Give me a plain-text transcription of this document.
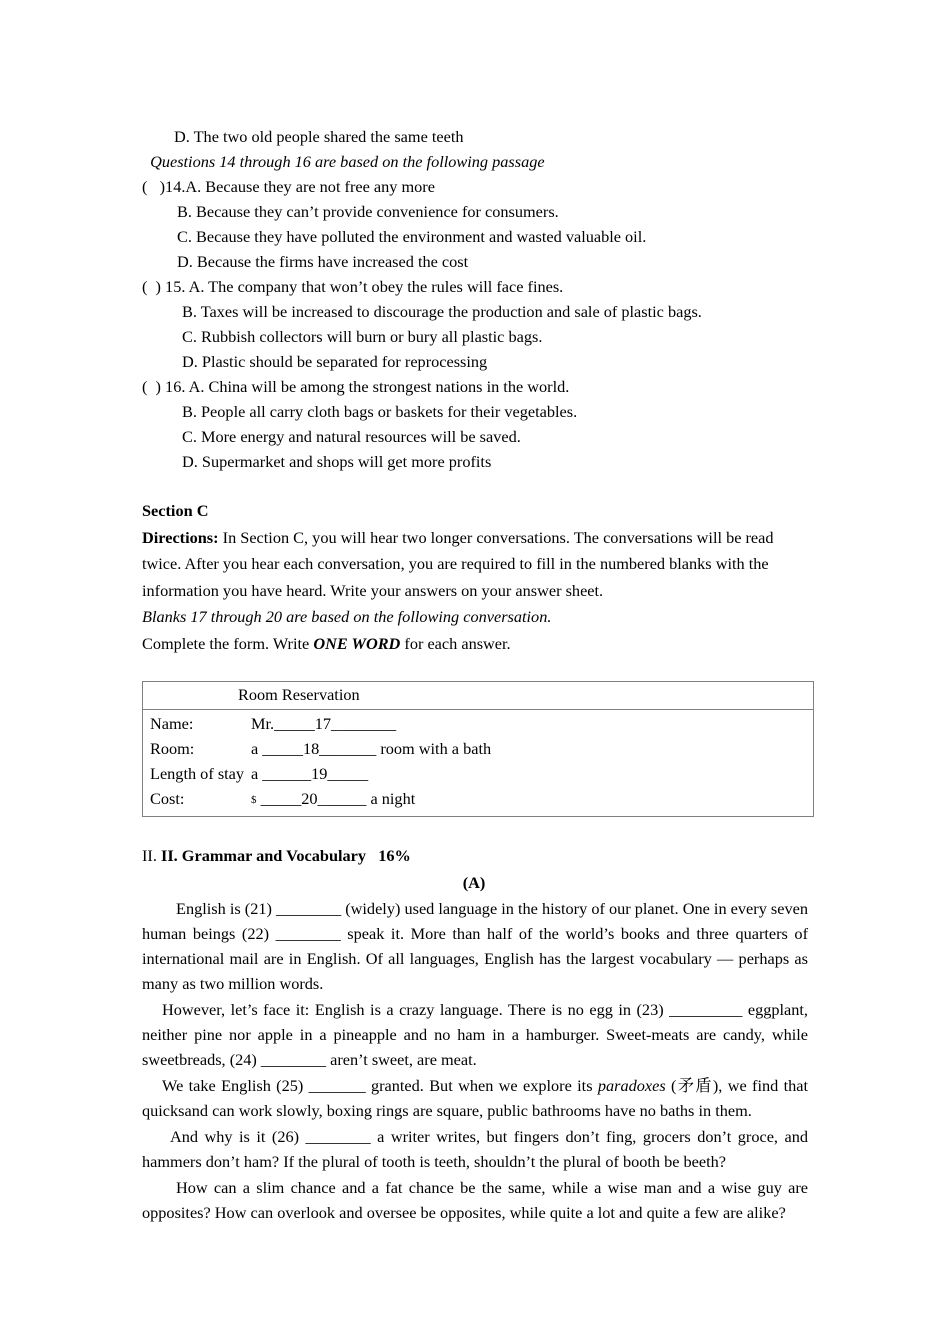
D. The two old people shared the same teeth
Questions 14 through 16 are based on the following passage
(   )14.A. Because they are not free any more
B. Because they can’t provide convenience for consumers.
C. Because they have polluted the environment and wasted valuable oil.
D. Because the firms have increased the cost
(  ) 15. A. The company that won’t obey the rules will face fines.
B. Taxes will be increased to discourage the production and sale of plastic bags.
C. Rubbish collectors will burn or bury all plastic bags.
D. Plastic should be separated for reprocessing
(  ) 16. A. China will be among the strongest nations in the world.
B. People all carry cloth bags or baskets for their vegetables.
C. More energy and natural resources will be saved.
D. Supermarket and shops will get more profits
Section C
Directions: In Section C, you will hear two longer conversations. The conversations will be read twice. After you hear each conversation, you are required to fill in the numbered blanks with the information you have heard. Write your answers on your answer sheet.
Blanks 17 through 20 are based on the following conversation.
Complete the form. Write ONE WORD for each answer.
Room Reservation
Name:	Mr._____17________
Room:	a _____18_______ room with a bath
Length of stay a ______19_____
Cost:	$ _____20______ a night
II. II. Grammar and Vocabulary 16%
(A)
English is (21) ________ (widely) used language in the history of our planet. One in every seven human beings (22) ________ speak it. More than half of the world’s books and three quarters of international mail are in English. Of all languages, English has the largest vocabulary — perhaps as many as two million words.
However, let’s face it: English is a crazy language. There is no egg in (23) _________ eggplant, neither pine nor apple in a pineapple and no ham in a hamburger. Sweet-meats are candy, while sweetbreads, (24) ________ aren’t sweet, are meat.
We take English (25) _______ granted. But when we explore its paradoxes (矛盾), we find that quicksand can work slowly, boxing rings are square, public bathrooms have no baths in them.
And why is it (26) ________ a writer writes, but fingers don’t fing, grocers don’t groce, and hammers don’t ham? If the plural of tooth is teeth, shouldn’t the plural of booth be beeth?
How can a slim chance and a fat chance be the same, while a wise man and a wise guy are opposites? How can overlook and oversee be opposites, while quite a lot and quite a few are alike?
